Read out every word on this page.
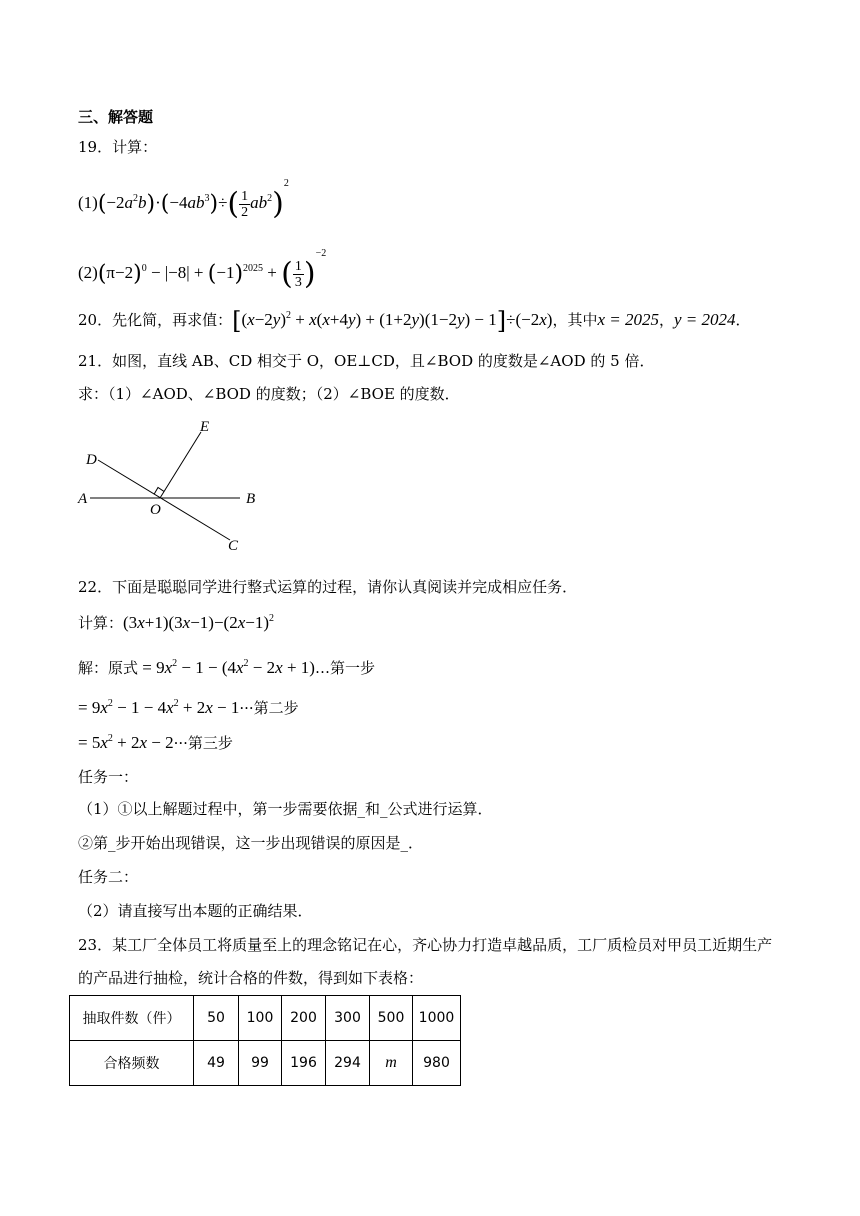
三、解答题
19．计算：
$(1)(-2a^2b)\cdot(-4ab^3)\div( \frac{1}{2} ab^2)^2$
$(2)(\pi-2)^0 - |-8| + (-1)^{2025}$ + ( $\frac{1}{3} )^{-2}$
20．先化简，再求值：$[(x-2y)^2 + x(x+4y) + (1+2y)(1-2y) - 1]\div(-2x)$，其中x = 2025，y = 2024．
21．如图，直线 AB、CD 相交于 O，OE⊥CD，且∠BOD 的度数是∠AOD 的 5 倍．
求：（1）∠AOD、∠BOD 的度数；（2）∠BOE 的度数．
D
E
A	B
O
C
22．下面是聪聪同学进行整式运算的过程，请你认真阅读并完成相应任务．
计算：$(3x+1)(3x-1)-(2x-1)^2$
解：原式 = $9x^2 - 1 - (4x^2 - 2x$ + 1)…第一步
= $9x^2 - 1 - 4x^2 + 2x - 1\cdot\cdot\cdot$第二步
= $5x^2 + 2x - 2\cdot\cdot\cdot$第三步
任务一：
（1）①以上解题过程中，第一步需要依据_和_公式进行运算．
②第_步开始出现错误，这一步出现错误的原因是_．
任务二：
（2）请直接写出本题的正确结果．
23．某工厂全体员工将质量至上的理念铭记在心，齐心协力打造卓越品质，工厂质检员对甲员工近期生产
的产品进行抽检，统计合格的件数，得到如下表格：
抽取件数（件）	50	100	200	300	500	1000
合格频数	49	99	196	294	m	980
